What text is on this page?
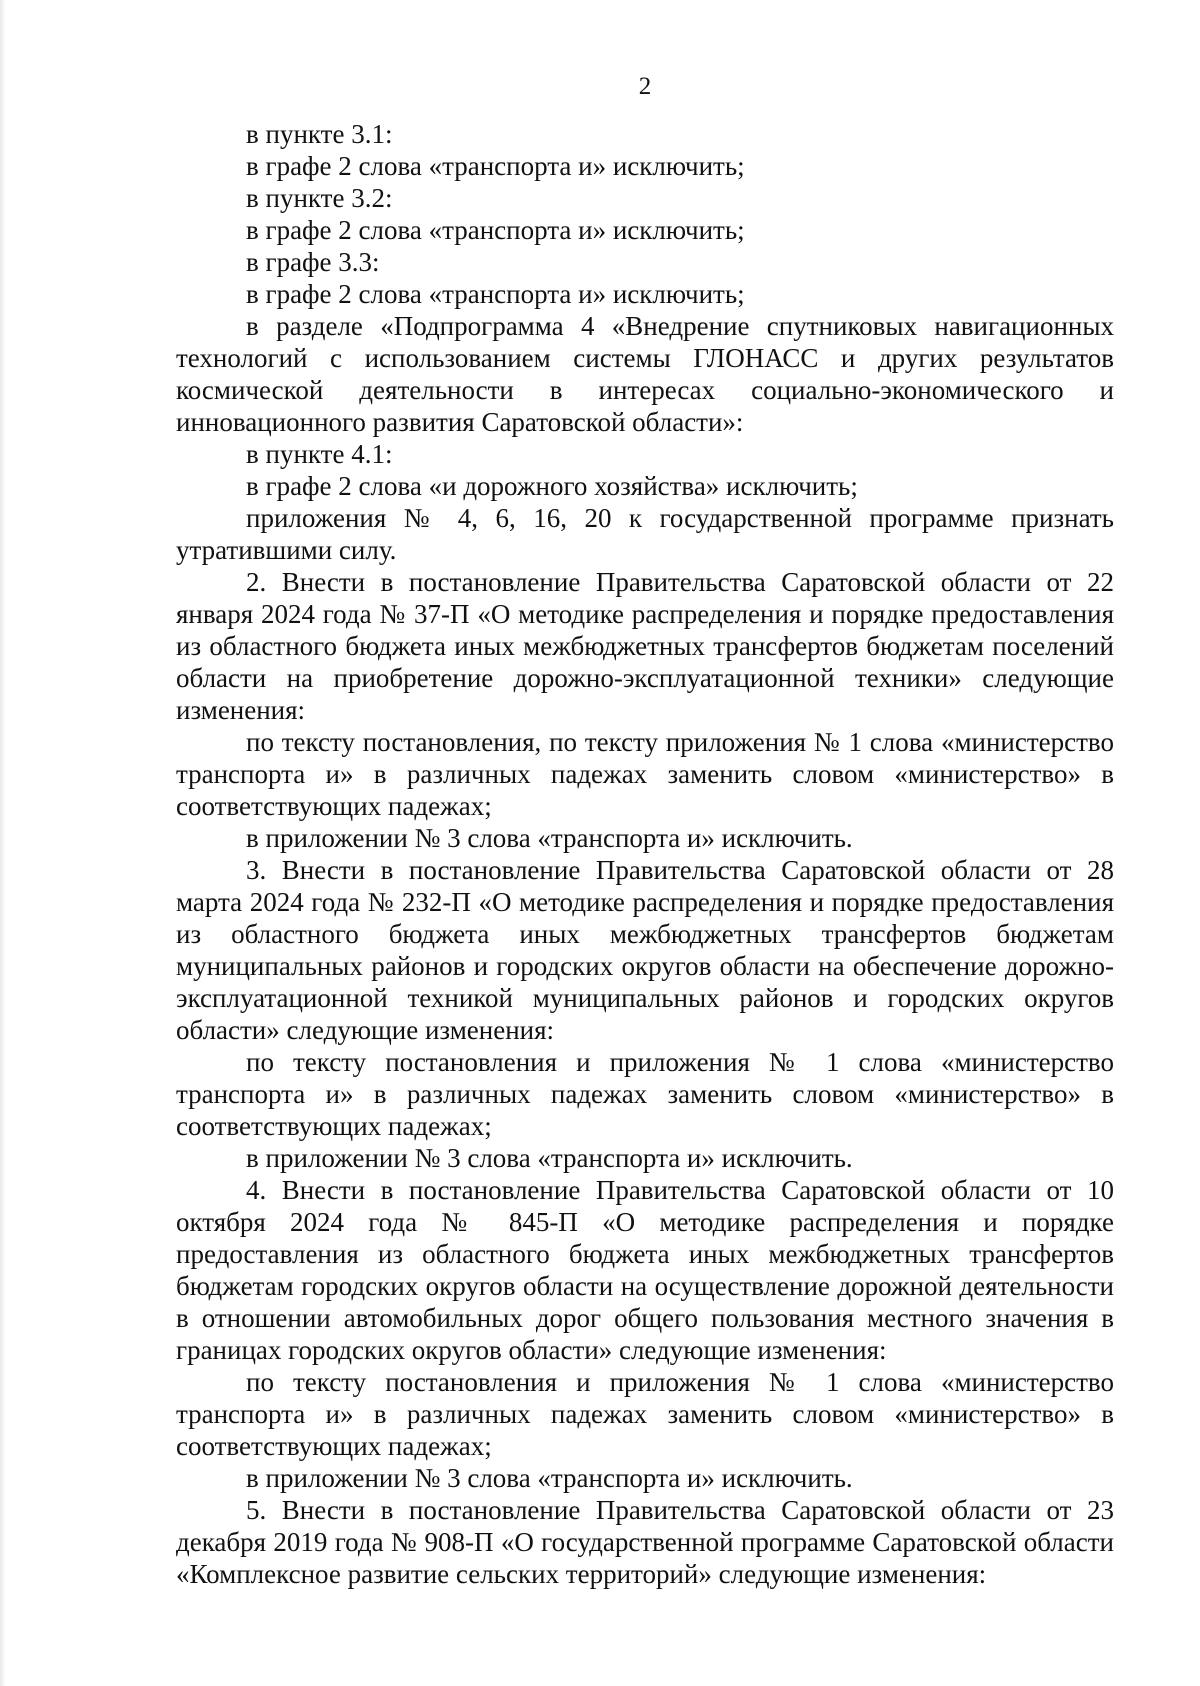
2

в пункте 3.1:

в графе 2 слова «транспорта и» исключить;

в пункте 3.2:

в графе 2 слова «транспорта и» исключить;

в графе 3.3:

в графе 2 слова «транспорта и» исключить;

в разделе «Подпрограмма 4 «Внедрение спутниковых навигационных технологий с использованием системы ГЛОНАСС и других результатов космической деятельности в интересах социально-экономического и инновационного развития Саратовской области»:

в пункте 4.1:

в графе 2 слова «и дорожного хозяйства» исключить;

приложения № 4, 6, 16, 20 к государственной программе признать утратившими силу.

2. Внести в постановление Правительства Саратовской области от 22 января 2024 года № 37-П «О методике распределения и порядке предоставления из областного бюджета иных межбюджетных трансфертов бюджетам поселений области на приобретение дорожно-эксплуатационной техники» следующие изменения:

по тексту постановления, по тексту приложения № 1 слова «министерство транспорта и» в различных падежах заменить словом «министерство» в соответствующих падежах;

в приложении № 3 слова «транспорта и» исключить.

3. Внести в постановление Правительства Саратовской области от 28 марта 2024 года № 232-П «О методике распределения и порядке предоставления из областного бюджета иных межбюджетных трансфертов бюджетам муниципальных районов и городских округов области на обеспечение дорожно-эксплуатационной техникой муниципальных районов и городских округов области» следующие изменения:

по тексту постановления и приложения № 1 слова «министерство транспорта и» в различных падежах заменить словом «министерство» в соответствующих падежах;

в приложении № 3 слова «транспорта и» исключить.

4. Внести в постановление Правительства Саратовской области от 10 октября 2024 года № 845-П «О методике распределения и порядке предоставления из областного бюджета иных межбюджетных трансфертов бюджетам городских округов области на осуществление дорожной деятельности в отношении автомобильных дорог общего пользования местного значения в границах городских округов области» следующие изменения:

по тексту постановления и приложения № 1 слова «министерство транспорта и» в различных падежах заменить словом «министерство» в соответствующих падежах;

в приложении № 3 слова «транспорта и» исключить.

5. Внести в постановление Правительства Саратовской области от 23 декабря 2019 года № 908-П «О государственной программе Саратовской области «Комплексное развитие сельских территорий» следующие изменения:
